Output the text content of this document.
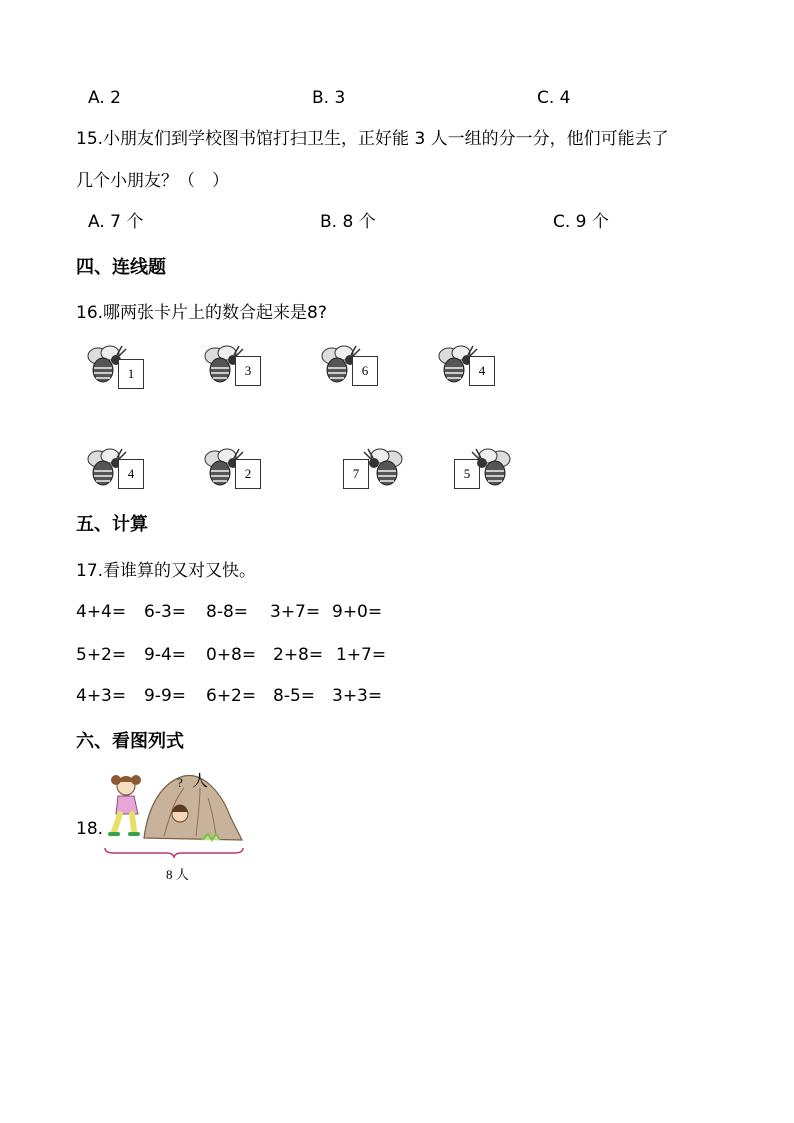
A. 2	B. 3	C. 4
15.小朋友们到学校图书馆打扫卫生，正好能 3 人一组的分一分，他们可能去了
几个小朋友？（　）
A. 7 个	B. 8 个	C. 9 个
四、连线题
16.哪两张卡片上的数合起来是8?
1	3	6	4
4	2	7	5
五、计算
17.看谁算的又对又快。
4+4= 6-3= 8-8= 3+7= 9+0=
5+2= 9-4= 0+8= 2+8= 1+7=
4+3= 9-9= 6+2= 8-5= 3+3=
六、看图列式
18.
? 人
8 人
